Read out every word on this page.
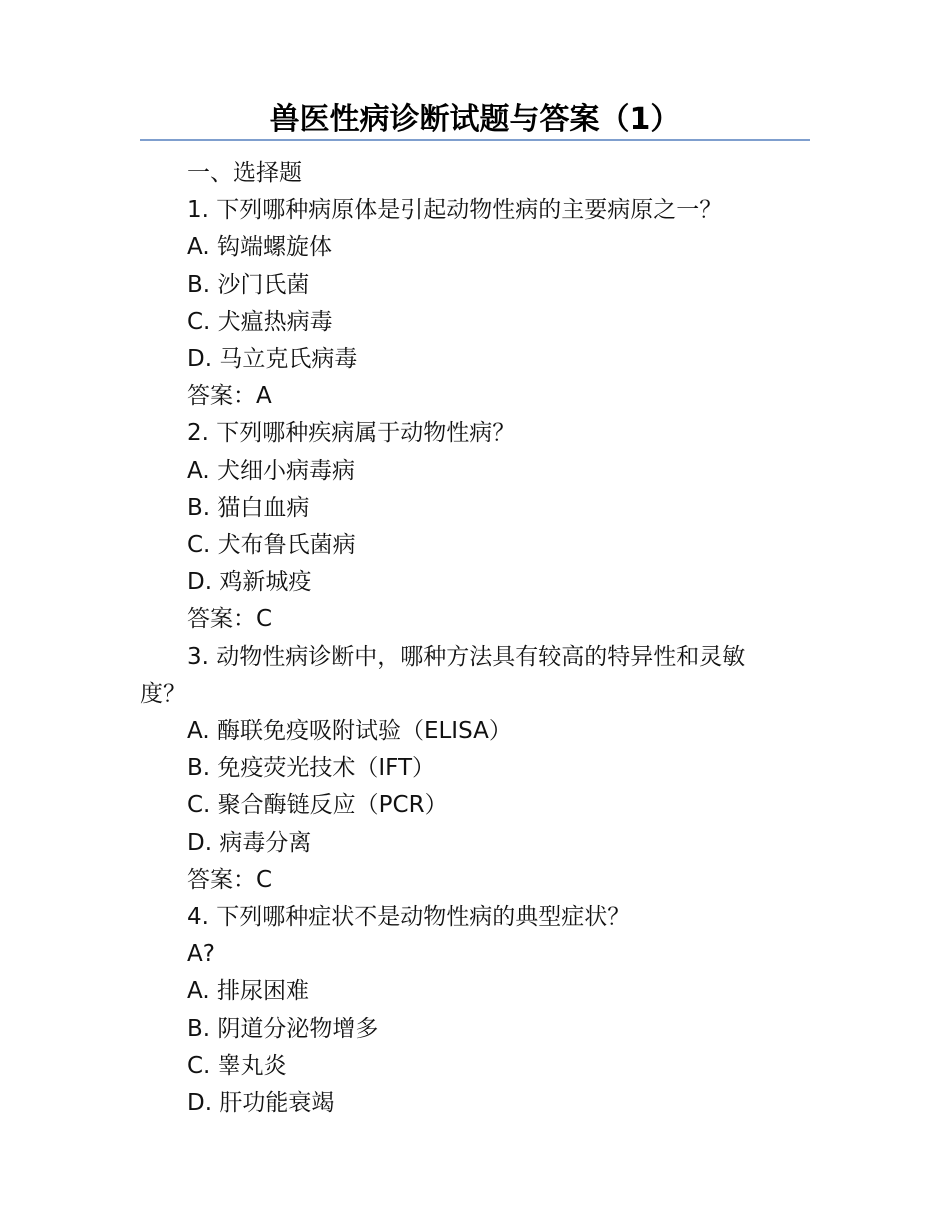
兽医性病诊断试题与答案（1）

一、选择题

1. 下列哪种病原体是引起动物性病的主要病原之一？

A. 钩端螺旋体

B. 沙门氏菌

C. 犬瘟热病毒

D. 马立克氏病毒

答案：A

2. 下列哪种疾病属于动物性病？

A. 犬细小病毒病

B. 猫白血病

C. 犬布鲁氏菌病

D. 鸡新城疫

答案：C

3. 动物性病诊断中，哪种方法具有较高的特异性和灵敏度？

A. 酶联免疫吸附试验（ELISA）

B. 免疫荧光技术（IFT）

C. 聚合酶链反应（PCR）

D. 病毒分离

答案：C

4. 下列哪种症状不是动物性病的典型症状？

A?

A. 排尿困难

B. 阴道分泌物增多

C. 睾丸炎

D. 肝功能衰竭
